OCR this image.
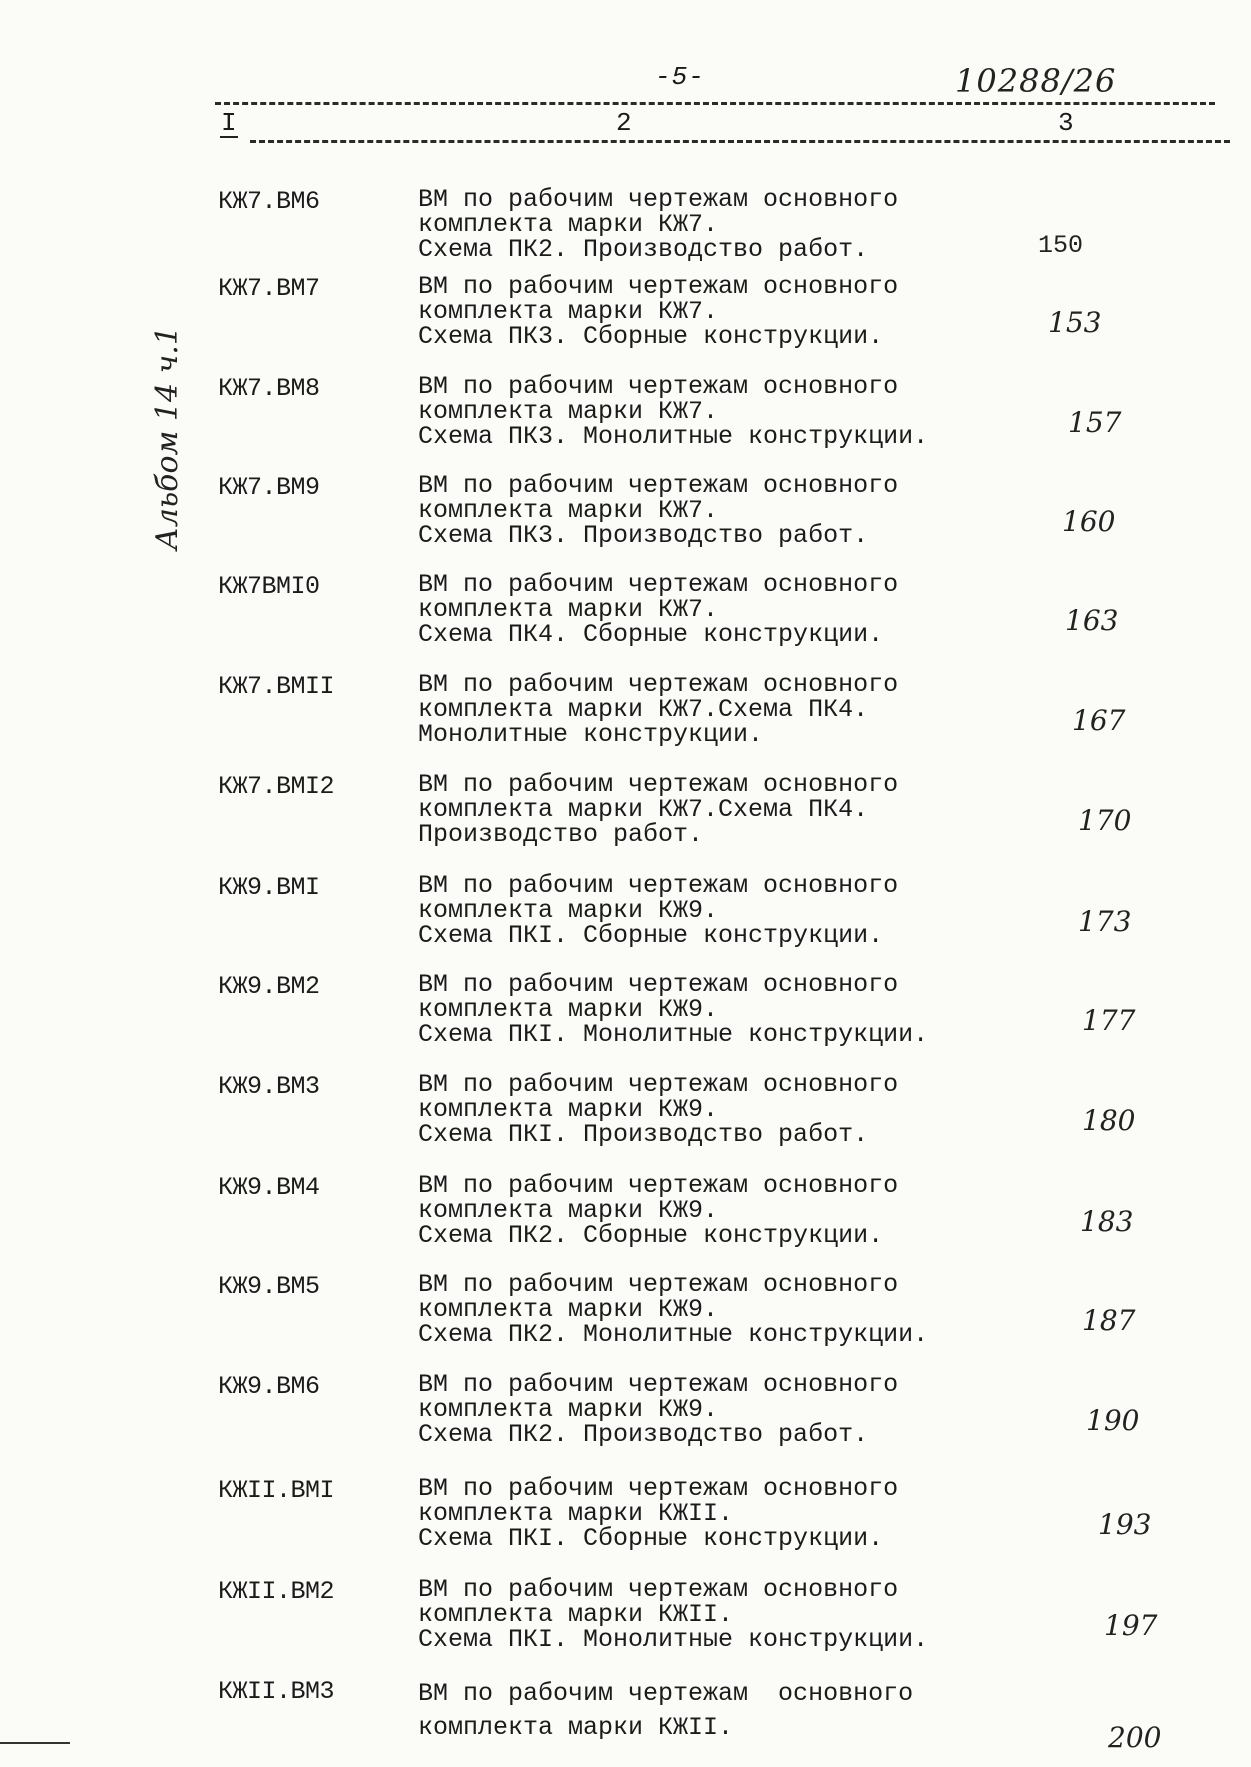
-5-	10288/26
I	2	3
Альбом 14 ч.1
КЖ7.ВМ6	ВМ по рабочим чертежам основного
комплекта марки КЖ7.
Схема ПК2. Производство работ.	150
КЖ7.ВМ7	ВМ по рабочим чертежам основного
комплекта марки КЖ7.
Схема ПК3. Сборные конструкции.	153
КЖ7.ВМ8	ВМ по рабочим чертежам основного
комплекта марки КЖ7.
Схема ПК3. Монолитные конструкции.	157
КЖ7.ВМ9	ВМ по рабочим чертежам основного
комплекта марки КЖ7.
Схема ПК3. Производство работ.	160
КЖ7ВМI0	ВМ по рабочим чертежам основного
комплекта марки КЖ7.
Схема ПК4. Сборные конструкции.	163
КЖ7.ВМII	ВМ по рабочим чертежам основного
комплекта марки КЖ7.Схема ПК4.
Монолитные конструкции.	167
КЖ7.ВМI2	ВМ по рабочим чертежам основного
комплекта марки КЖ7.Схема ПК4.
Производство работ.	170
КЖ9.ВМI	ВМ по рабочим чертежам основного
комплекта марки КЖ9.
Схема ПКI. Сборные конструкции.	173
КЖ9.ВМ2	ВМ по рабочим чертежам основного
комплекта марки КЖ9.
Схема ПКI. Монолитные конструкции.	177
КЖ9.ВМ3	ВМ по рабочим чертежам основного
комплекта марки КЖ9.
Схема ПКI. Производство работ.	180
КЖ9.ВМ4	ВМ по рабочим чертежам основного
комплекта марки КЖ9.
Схема ПК2. Сборные конструкции.	183
КЖ9.ВМ5	ВМ по рабочим чертежам основного
комплекта марки КЖ9.
Схема ПК2. Монолитные конструкции.	187
КЖ9.ВМ6	ВМ по рабочим чертежам основного
комплекта марки КЖ9.
Схема ПК2. Производство работ.	190
КЖII.ВМI	ВМ по рабочим чертежам основного
комплекта марки КЖII.
Схема ПКI. Сборные конструкции.	193
КЖII.ВМ2	ВМ по рабочим чертежам основного
комплекта марки КЖII.
Схема ПКI. Монолитные конструкции.	197
КЖII.ВМ3	ВМ по рабочим чертежам  основного
комплекта марки КЖII.	200
